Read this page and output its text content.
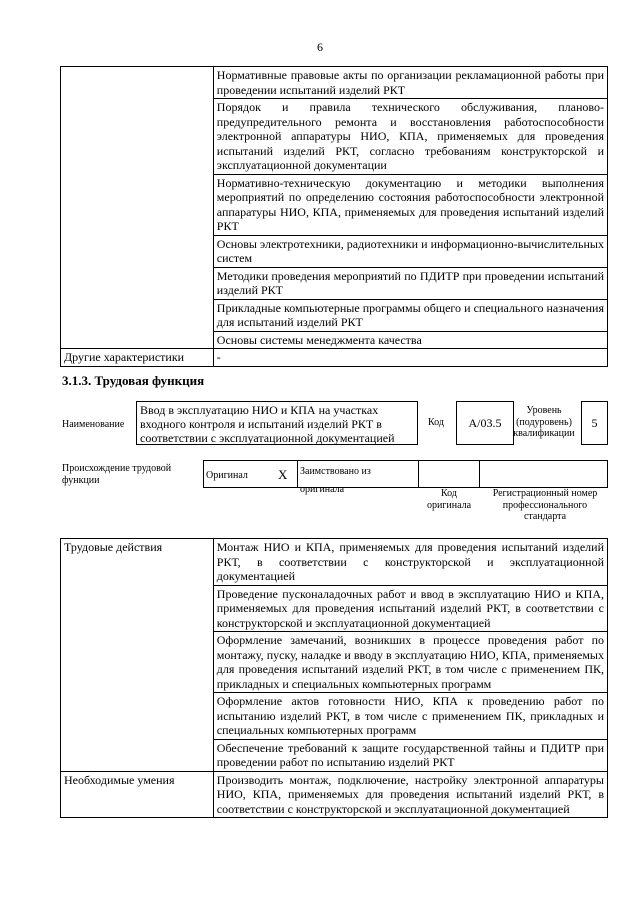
6
	Нормативные правовые акты по организации рекламационной работы при проведении испытаний изделий РКТ
	Порядок и правила технического обслуживания, планово-предупредительного ремонта и восстановления работоспособности электронной аппаратуры НИО, КПА, применяемых для проведения испытаний изделий РКТ, согласно требованиям конструкторской и эксплуатационной документации
	Нормативно-техническую документацию и методики выполнения мероприятий по определению состояния работоспособности электронной аппаратуры НИО, КПА, применяемых для проведения испытаний изделий РКТ
	Основы электротехники, радиотехники и информационно-вычислительных систем
	Методики проведения мероприятий по ПДИТР при проведении испытаний изделий РКТ
	Прикладные компьютерные программы общего и специального назначения для испытаний изделий РКТ
	Основы системы менеджмента качества
Другие характеристики	-
3.1.3. Трудовая функция
Наименование
Ввод в эксплуатацию НИО и КПА на участках входного контроля и испытаний изделий РКТ в соответствии с эксплуатационной документацией
Код	A/03.5
Уровень (подуровень) квалификации
5
Происхождение трудовой функции	Оригинал X	Заимствовано из оригинала	Код оригинала
Регистрационный номер профессионального стандарта
Трудовые действия	Монтаж НИО и КПА, применяемых для проведения испытаний изделий РКТ, в соответствии с конструкторской и эксплуатационной документацией
	Проведение пусконаладочных работ и ввод в эксплуатацию НИО и КПА, применяемых для проведения испытаний изделий РКТ, в соответствии с конструкторской и эксплуатационной документацией
	Оформление замечаний, возникших в процессе проведения работ по монтажу, пуску, наладке и вводу в эксплуатацию НИО, КПА, применяемых для проведения испытаний изделий РКТ, в том числе с применением ПК, прикладных и специальных компьютерных программ
	Оформление актов готовности НИО, КПА к проведению работ по испытанию изделий РКТ, в том числе с применением ПК, прикладных и специальных компьютерных программ
	Обеспечение требований к защите государственной тайны и ПДИТР при проведении работ по испытанию изделий РКТ
Необходимые умения	Производить монтаж, подключение, настройку электронной аппаратуры НИО, КПА, применяемых для проведения испытаний изделий РКТ, в соответствии с конструкторской и эксплуатационной документацией
